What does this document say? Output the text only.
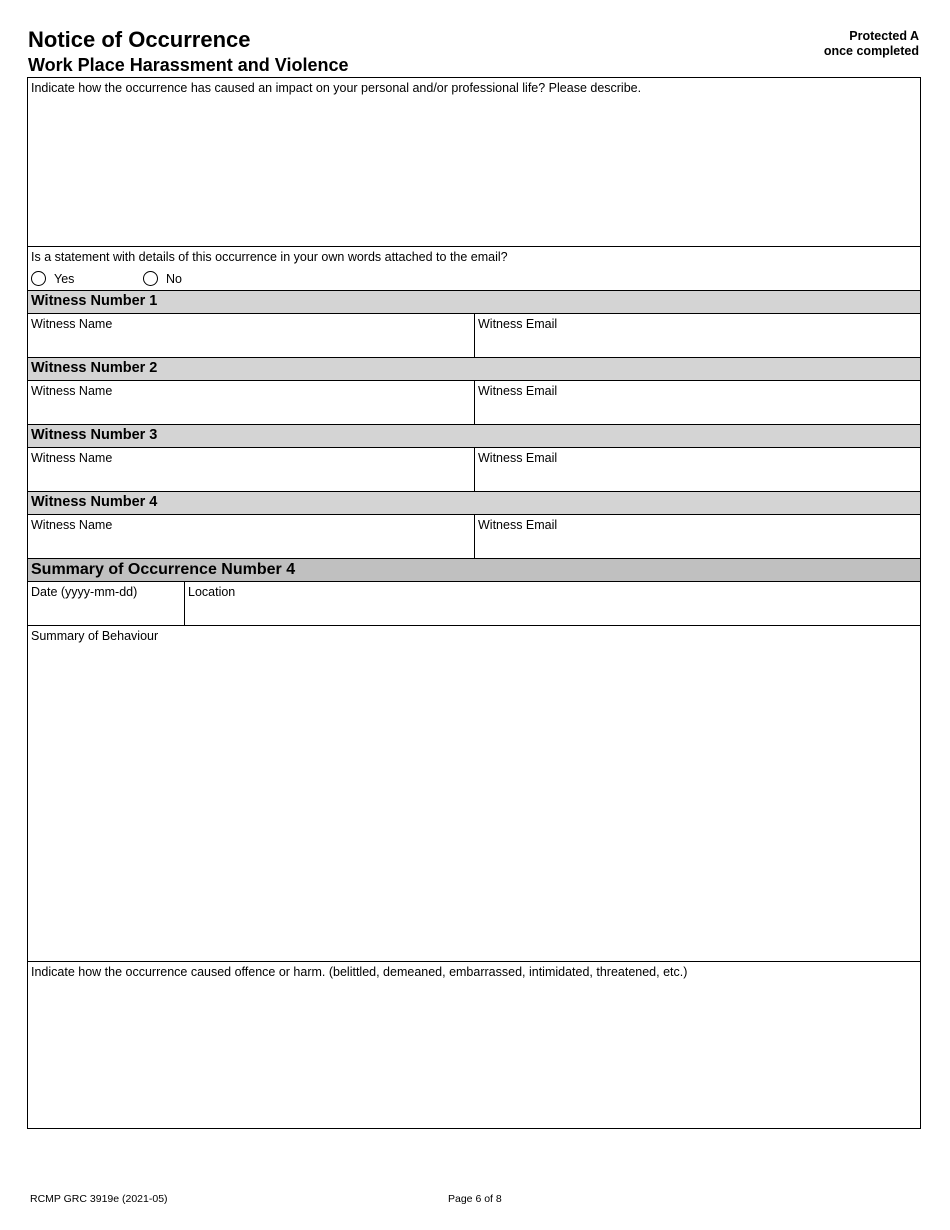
Notice of Occurrence
Work Place Harassment and Violence
Protected A
once completed
Indicate how the occurrence has caused an impact on your personal and/or professional life? Please describe.
Is a statement with details of this occurrence in your own words attached to the email?
Yes	No
Witness Number 1
Witness Name	Witness Email
Witness Number 2
Witness Name	Witness Email
Witness Number 3
Witness Name	Witness Email
Witness Number 4
Witness Name	Witness Email
Summary of Occurrence Number 4
Date (yyyy-mm-dd)	Location
Summary of Behaviour
Indicate how the occurrence caused offence or harm. (belittled, demeaned, embarrassed, intimidated, threatened, etc.)
RCMP GRC 3919e (2021-05)	Page 6 of 8
